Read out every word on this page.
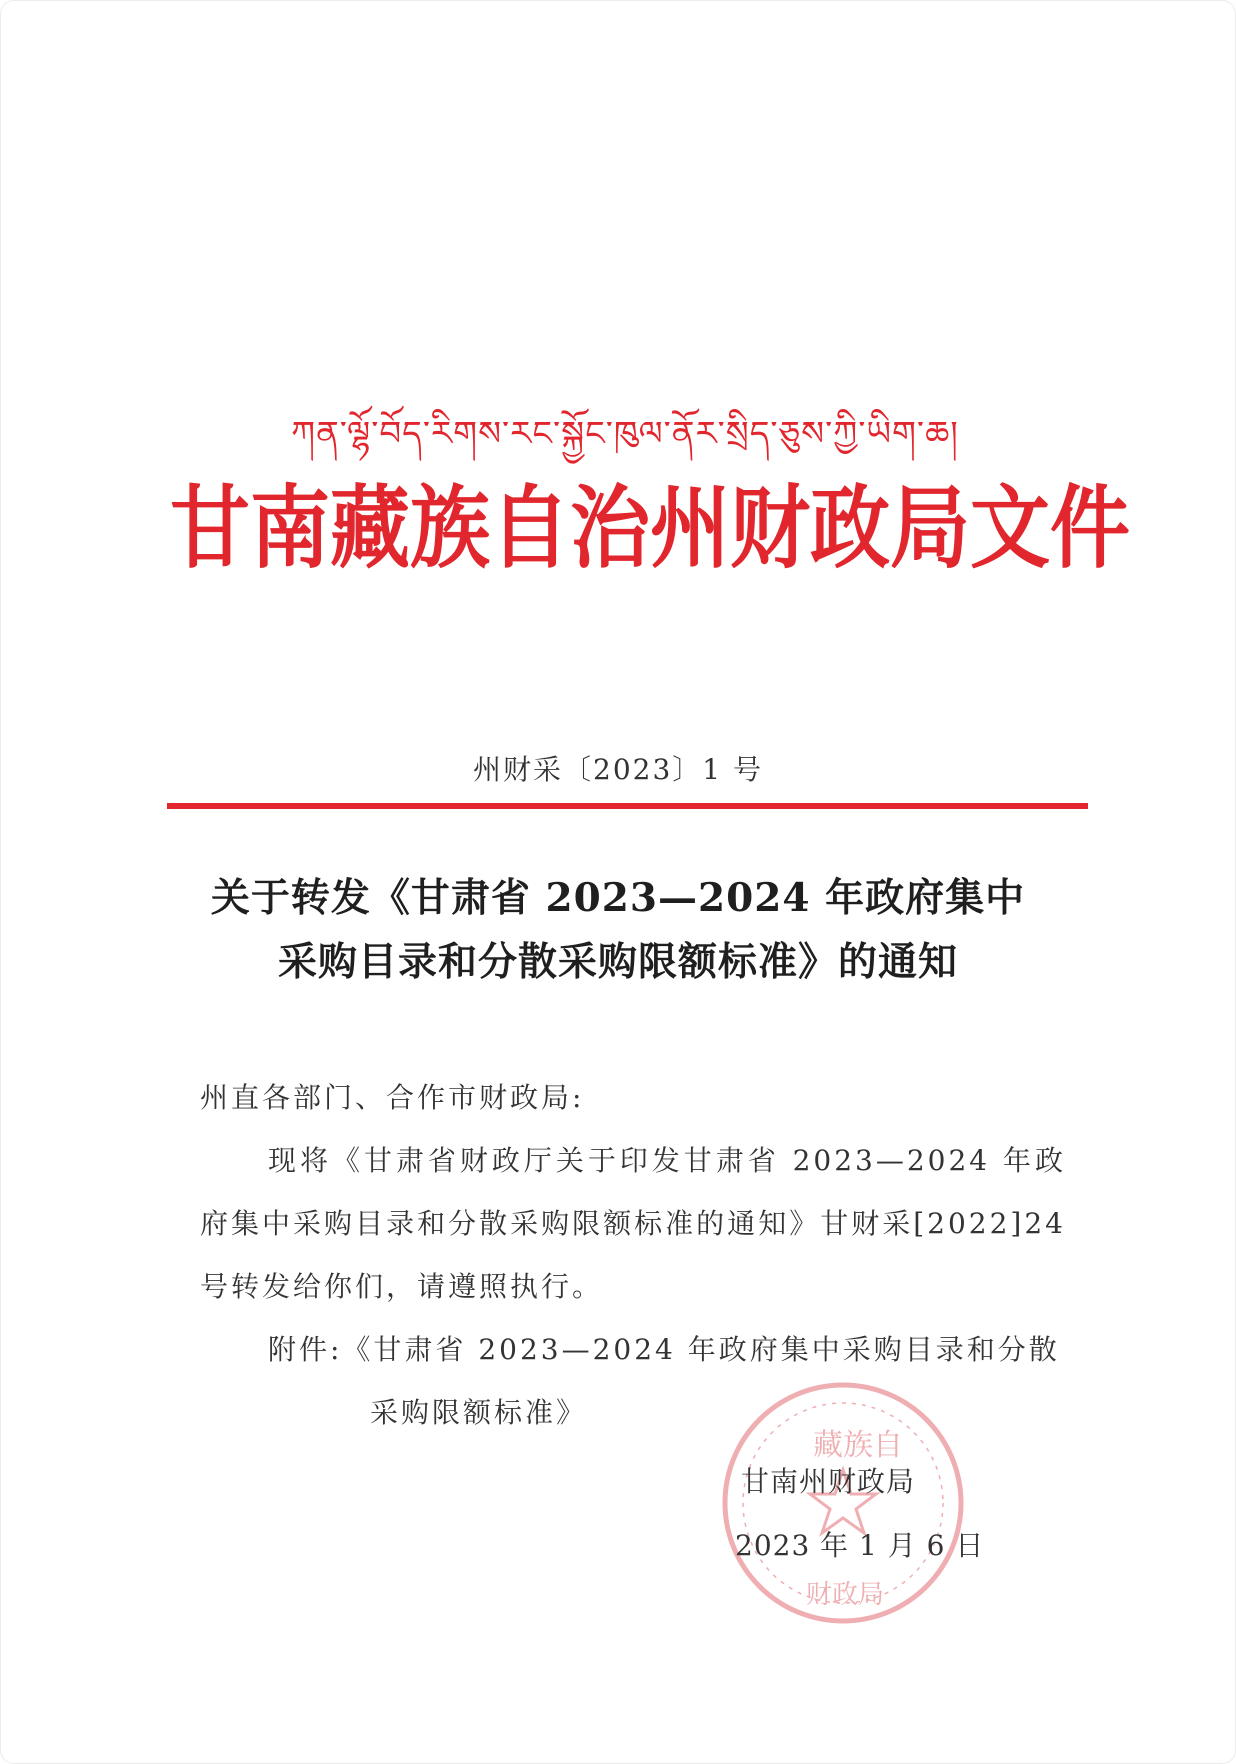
ཀན་ལྷོ་བོད་རིགས་རང་སྐྱོང་ཁུལ་ནོར་སྲིད་ཅུས་ཀྱི་ཡིག་ཆ།
甘南藏族自治州财政局文件
州财采〔2023〕1 号
关于转发《甘肃省 2023—2024 年政府集中
采购目录和分散采购限额标准》的通知

州直各部门、合作市财政局:

现将《甘肃省财政厅关于印发甘肃省 2023—2024 年政府集中采购目录和分散采购限额标准的通知》甘财采[2022]24 号转发给你们，请遵照执行。

附件:《甘肃省 2023—2024 年政府集中采购目录和分散

采购限额标准》

藏族自
财政局
甘南州财政局
2023 年 1 月 6 日
